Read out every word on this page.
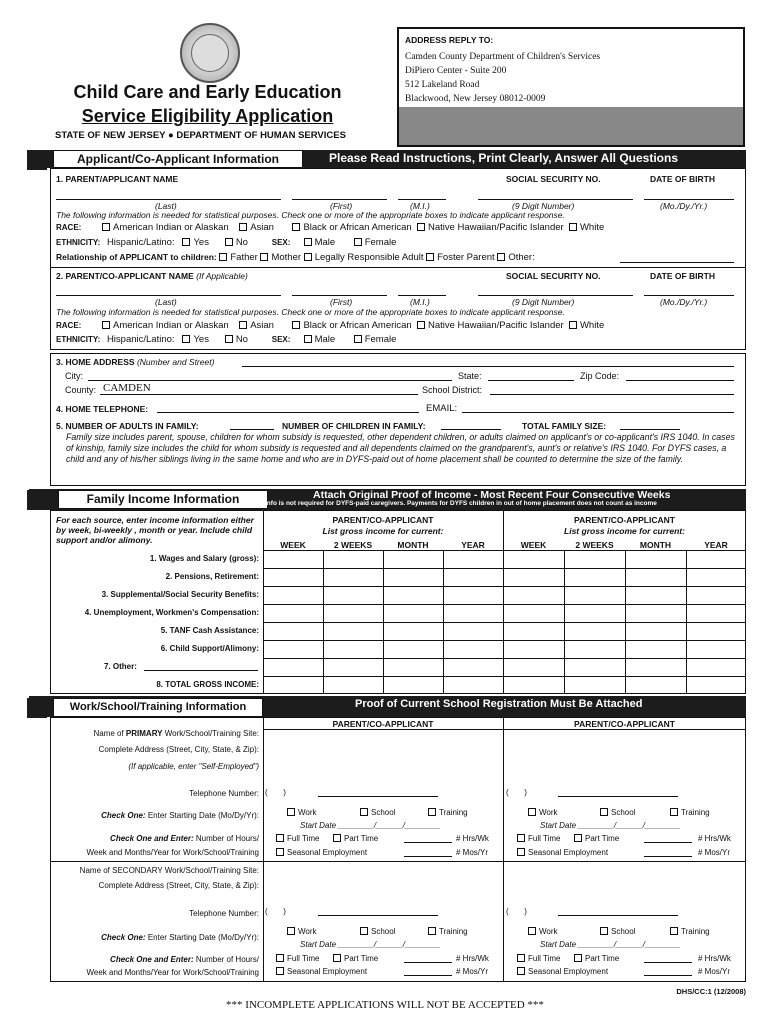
Child Care and Early Education
Service Eligibility Application
STATE OF NEW JERSEY ● DEPARTMENT OF HUMAN SERVICES
ADDRESS REPLY TO:
Camden County Department of Children's Services
DiPiero Center - Suite 200
512 Lakeland Road
Blackwood, New Jersey 08012-0009
Applicant/Co-Applicant Information	Please Read Instructions, Print Clearly, Answer All Questions
1. PARENT/APPLICANT NAME	SOCIAL SECURITY NO.	DATE OF BIRTH
(Last)	(First)	(M.I.)	(9 Digit Number)	(Mo./Dy./Yr.)
The following information is needed for statistical purposes. Check one or more of the appropriate boxes to indicate applicant response.
RACE:	American Indian or Alaskan Asian	Black or African American Native Hawaiian/Pacific Islander White
ETHNICITY: Hispanic/Latino: Yes	No	SEX:	Male	Female
Relationship of APPLICANT to children: Father Mother Legally Responsible Adult Foster Parent Other:
2. PARENT/CO-APPLICANT NAME (If Applicable)	SOCIAL SECURITY NO.	DATE OF BIRTH
(Last)	(First)	(M.I.)	(9 Digit Number)	(Mo./Dy./Yr.)
The following information is needed for statistical purposes. Check one or more of the appropriate boxes to indicate applicant response.
RACE:	American Indian or Alaskan Asian	Black or African American Native Hawaiian/Pacific Islander White
ETHNICITY: Hispanic/Latino: Yes	No	SEX:	Male	Female
3. HOME ADDRESS (Number and Street)
City:	State:	Zip Code:
County: CAMDEN	School District:
4. HOME TELEPHONE:	EMAIL:
5. NUMBER OF ADULTS IN FAMILY:	NUMBER OF CHILDREN IN FAMILY:	TOTAL FAMILY SIZE:
Family size includes parent, spouse, children for whom subsidy is requested, other dependent children, or adults claimed on applicant's or co-applicant's IRS 1040. In cases of kinship, family size includes the child for whom subsidy is requested and all dependents claimed on the grandparent's, aunt's or relative's IRS 1040. For DYFS cases, a child and any of his/her siblings living in the same home and who are in DYFS-paid out of home placement shall be counted to determine the size of the family.
Family Income Information	Attach Original Proof of Income - Most Recent Four Consecutive Weeks
Info is not required for DYFS-paid caregivers. Payments for DYFS children in out of home placement does not count as income
For each source, enter income information either by week, bi-weekly , month or year. Include child support and/or alimony.
PARENT/CO-APPLICANT
List gross income for current:
PARENT/CO-APPLICANT
List gross income for current:
WEEK	2 WEEKS	MONTH	YEAR	WEEK	2 WEEKS	MONTH	YEAR
1. Wages and Salary (gross):
2. Pensions, Retirement:
3. Supplemental/Social Security Benefits:
4. Unemployment, Workmen's Compensation:
5. TANF Cash Assistance:
6. Child Support/Alimony:
7. Other:
8. TOTAL GROSS INCOME:
Work/School/Training Information	Proof of Current School Registration Must Be Attached
PARENT/CO-APPLICANT	PARENT/CO-APPLICANT
Name of PRIMARY Work/School/Training Site:
Complete Address (Street, City, State, & Zip):
(If applicable, enter "Self-Employed")
Telephone Number:
Check One: Enter Starting Date (Mo/Dy/Yr):
Check One and Enter: Number of Hours/
Week and Months/Year for Work/School/Training
(       )
Work	School	Training
Start Date ________/______/________
Full Time	Part Time	# Hrs/Wk
Seasonal Employment	# Mos/Yr
(       )
Work	School	Training
Start Date ________/______/________
Full Time	Part Time	# Hrs/Wk
Seasonal Employment	# Mos/Yr
Name of SECONDARY Work/School/Training Site:
Complete Address (Street, City, State, & Zip):
Telephone Number:
Check One: Enter Starting Date (Mo/Dy/Yr):
Check One and Enter: Number of Hours/
Week and Months/Year for Work/School/Training
(       )
Work	School	Training
Start Date ________/______/________
Full Time	Part Time	# Hrs/Wk
Seasonal Employment	# Mos/Yr
(       )
Work	School	Training
Start Date ________/______/________
Full Time	Part Time	# Hrs/Wk
Seasonal Employment	# Mos/Yr
DHS/CC:1 (12/2008)
*** INCOMPLETE APPLICATIONS WILL NOT BE ACCEPTED ***
